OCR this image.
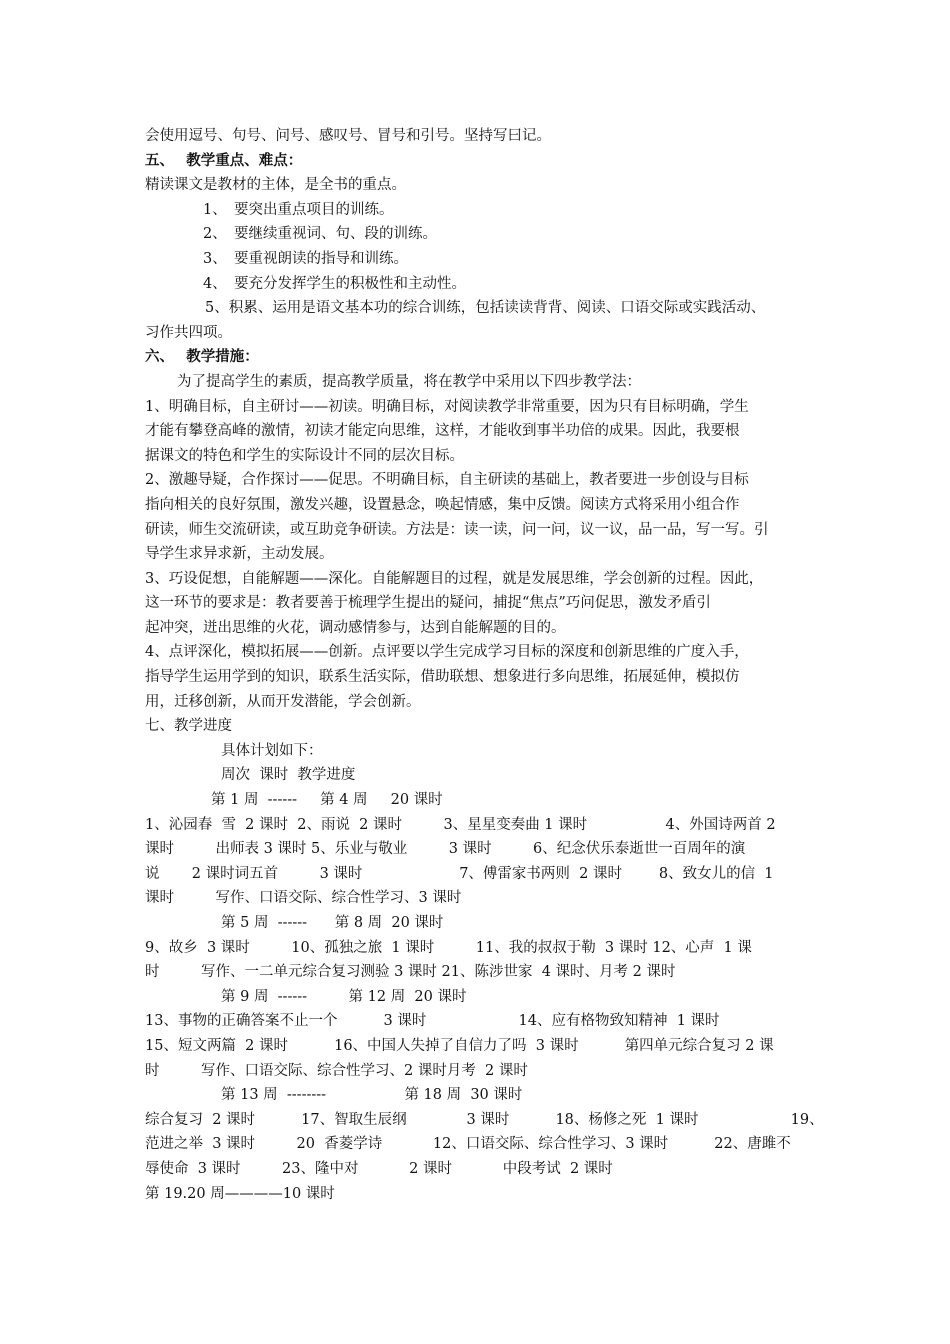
会使用逗号、句号、问号、感叹号、冒号和引号。坚持写曰记。
五、　 教学重点、难点：
精读课文是教材的主体，是全书的重点。
1、　要突出重点项目的训练。
2、　要继续重视词、句、段的训练。
3、　要重视朗读的指导和训练。
4、　要充分发挥学生的积极性和主动性。
5、积累、运用是语文基本功的综合训练，包括读读背背、阅读、口语交际或实践活动、
习作共四项。
六、　 教学措施：
为了提高学生的素质，提高教学质量，将在教学中采用以下四步教学法：
1、明确目标，自主研讨——初读。明确目标，对阅读教学非常重要，因为只有目标明确，学生
才能有攀登高峰的激情，初读才能定向思维，这样，才能收到事半功倍的成果。因此，我要根
据课文的特色和学生的实际设计不同的层次目标。
2、激趣导疑，合作探讨——促思。不明确目标，自主研读的基础上，教者要进一步创设与目标
指向相关的良好氛围，激发兴趣，设置悬念，唤起情感，集中反馈。阅读方式将采用小组合作
研读，师生交流研读，或互助竞争研读。方法是：读一读，问一问，议一议，品一品，写一写。引
导学生求异求新，主动发展。
3、巧设促想，自能解题——深化。自能解题目的过程，就是发展思维，学会创新的过程。因此，
这一环节的要求是：教者要善于梳理学生提出的疑问，捕捉“焦点”巧问促思，激发矛盾引
起冲突，迸出思维的火花，调动感情参与，达到自能解题的目的。
4、点评深化，模拟拓展——创新。点评要以学生完成学习目标的深度和创新思维的广度入手，
指导学生运用学到的知识，联系生活实际，借助联想、想象进行多向思维，拓展延伸，模拟仿
用，迁移创新，从而开发潜能，学会创新。
七、教学进度
具体计划如下：
周次  课时  教学进度
第 1 周  ------     第 4 周     20 课时
1、沁园春  雪  2 课时  2、雨说  2 课时         3、星星变奏曲 1 课时                 4、外国诗两首 2
课时         出师表 3 课时 5、乐业与敬业         3 课时         6、纪念伏乐泰逝世一百周年的演
说       2 课时词五首         3 课时                     7、傅雷家书两则  2 课时        8、致女儿的信  1
课时         写作、口语交际、综合性学习、3 课时
第 5 周  ------      第 8 周  20 课时
9、故乡  3 课时         10、孤独之旅  1 课时         11、我的叔叔于勒  3 课时 12、心声  1 课
时         写作、一二单元综合复习测验 3 课时 21、陈涉世家  4 课时、月考 2 课时
第 9 周  ------         第 12 周  20 课时
13、事物的正确答案不止一个          3 课时                    14、应有格物致知精神  1 课时
15、短文两篇  2 课时          16、中国人失掉了自信力了吗  3 课时          第四单元综合复习 2 课
时         写作、口语交际、综合性学习、2 课时月考  2 课时
第 13 周  --------                 第 18 周  30 课时
综合复习  2 课时          17、智取生辰纲             3 课时          18、杨修之死  1 课时                    19、
范进之举  3 课时         20  香菱学诗           12、口语交际、综合性学习、3 课时          22、唐雎不
辱使命  3 课时         23、隆中对           2 课时           中段考试  2 课时
第 19.20 周————10 课时
